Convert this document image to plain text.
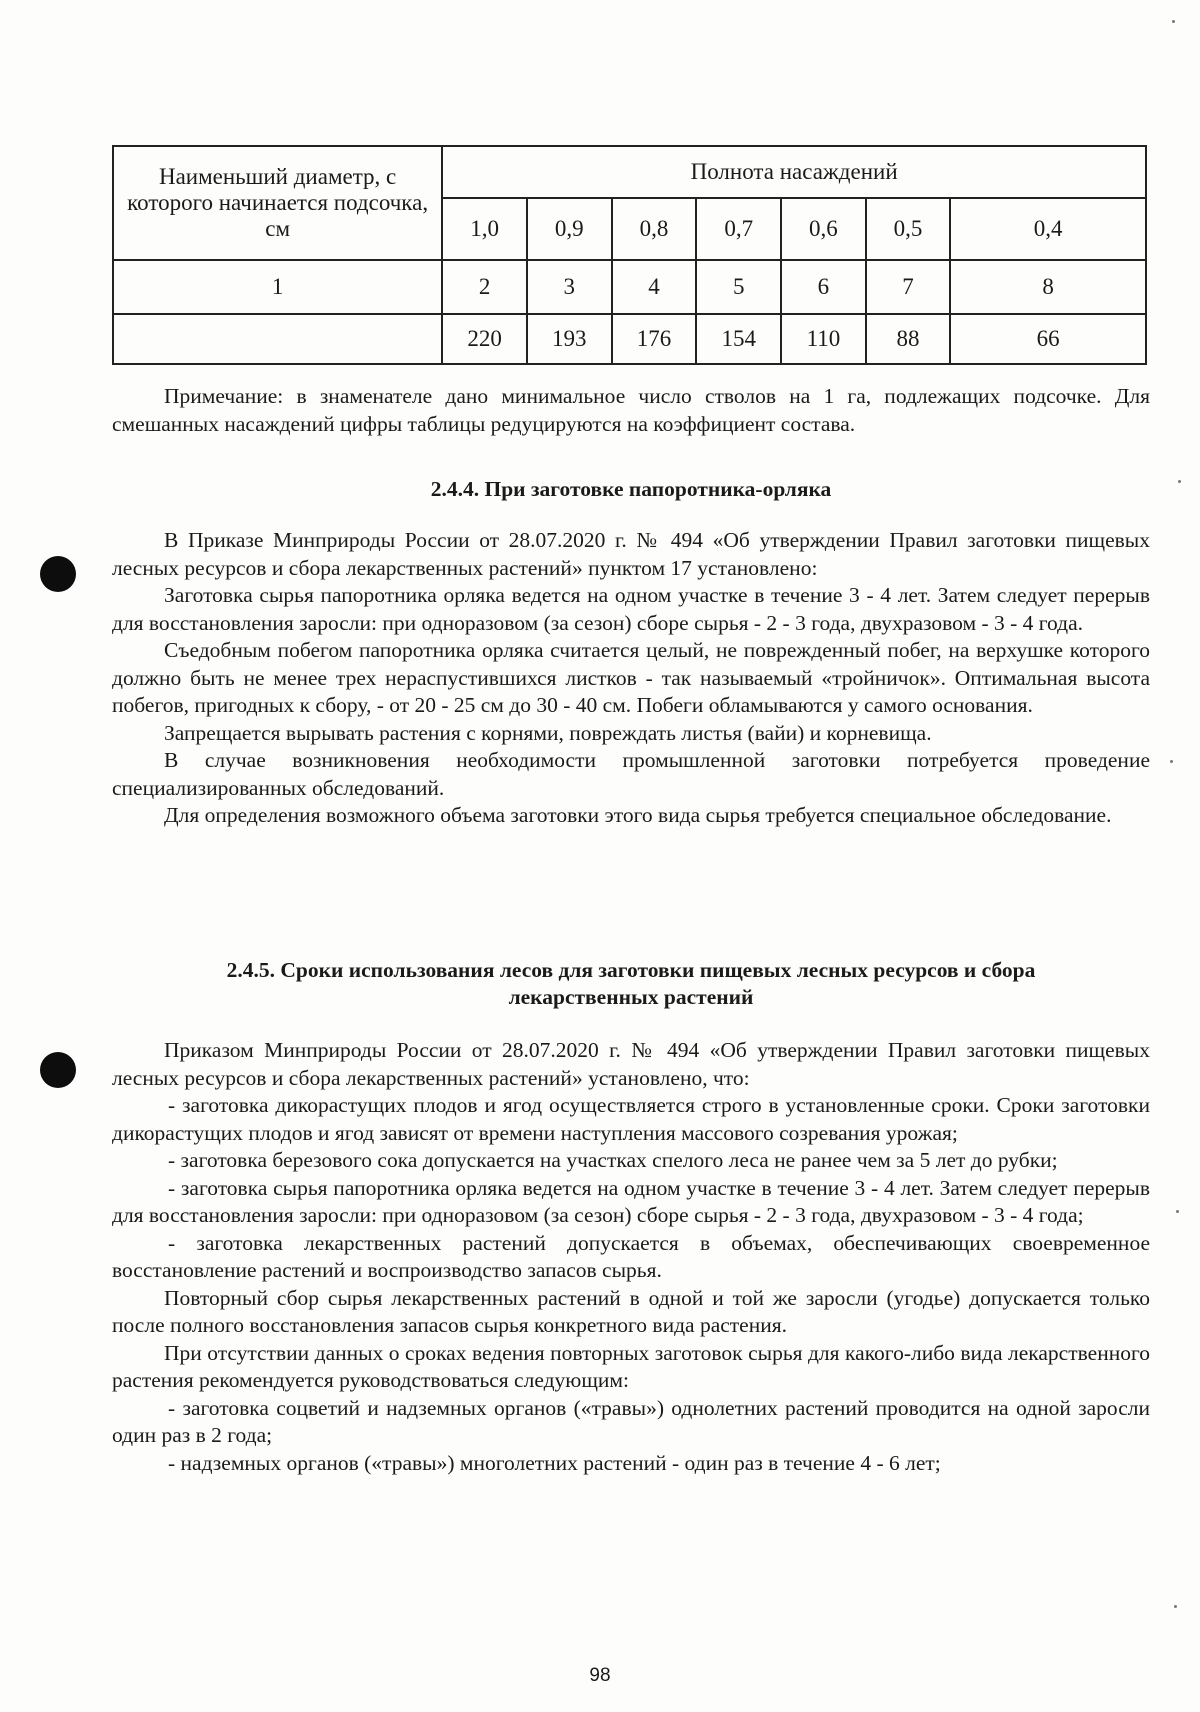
Наименьший диаметр, с которого начинается подсочка, см	Полнота насаждений						
	1,0	0,9	0,8	0,7	0,6	0,5	0,4
1	2	3	4	5	6	7	8
	220	193	176	154	110	88	66

Примечание: в знаменателе дано минимальное число стволов на 1 га, подлежащих подсочке. Для смешанных насаждений цифры таблицы редуцируются на коэффициент состава.

2.4.4. При заготовке папоротника-орляка

В Приказе Минприроды России от 28.07.2020 г. № 494 «Об утверждении Правил заготовки пищевых лесных ресурсов и сбора лекарственных растений» пунктом 17 установлено:

Заготовка сырья папоротника орляка ведется на одном участке в течение 3 - 4 лет. Затем следует перерыв для восстановления заросли: при одноразовом (за сезон) сборе сырья - 2 - 3 года, двухразовом - 3 - 4 года.

Съедобным побегом папоротника орляка считается целый, не поврежденный побег, на верхушке которого должно быть не менее трех нераспустившихся листков - так называемый «тройничок». Оптимальная высота побегов, пригодных к сбору, - от 20 - 25 см до 30 - 40 см. Побеги обламываются у самого основания.

Запрещается вырывать растения с корнями, повреждать листья (вайи) и корневища.

В случае возникновения необходимости промышленной заготовки потребуется проведение специализированных обследований.

Для определения возможного объема заготовки этого вида сырья требуется специальное обследование.

2.4.5. Сроки использования лесов для заготовки пищевых лесных ресурсов и сбора
лекарственных растений

Приказом Минприроды России от 28.07.2020 г. № 494 «Об утверждении Правил заготовки пищевых лесных ресурсов и сбора лекарственных растений» установлено, что:

- заготовка дикорастущих плодов и ягод осуществляется строго в установленные сроки. Сроки заготовки дикорастущих плодов и ягод зависят от времени наступления массового созревания урожая;

- заготовка березового сока допускается на участках спелого леса не ранее чем за 5 лет до рубки;

- заготовка сырья папоротника орляка ведется на одном участке в течение 3 - 4 лет. Затем следует перерыв для восстановления заросли: при одноразовом (за сезон) сборе сырья - 2 - 3 года, двухразовом - 3 - 4 года;

- заготовка лекарственных растений допускается в объемах, обеспечивающих своевременное восстановление растений и воспроизводство запасов сырья.

Повторный сбор сырья лекарственных растений в одной и той же заросли (угодье) допускается только после полного восстановления запасов сырья конкретного вида растения.

При отсутствии данных о сроках ведения повторных заготовок сырья для какого-либо вида лекарственного растения рекомендуется руководствоваться следующим:

- заготовка соцветий и надземных органов («травы») однолетних растений проводится на одной заросли один раз в 2 года;

- надземных органов («травы») многолетних растений - один раз в течение 4 - 6 лет;

98
